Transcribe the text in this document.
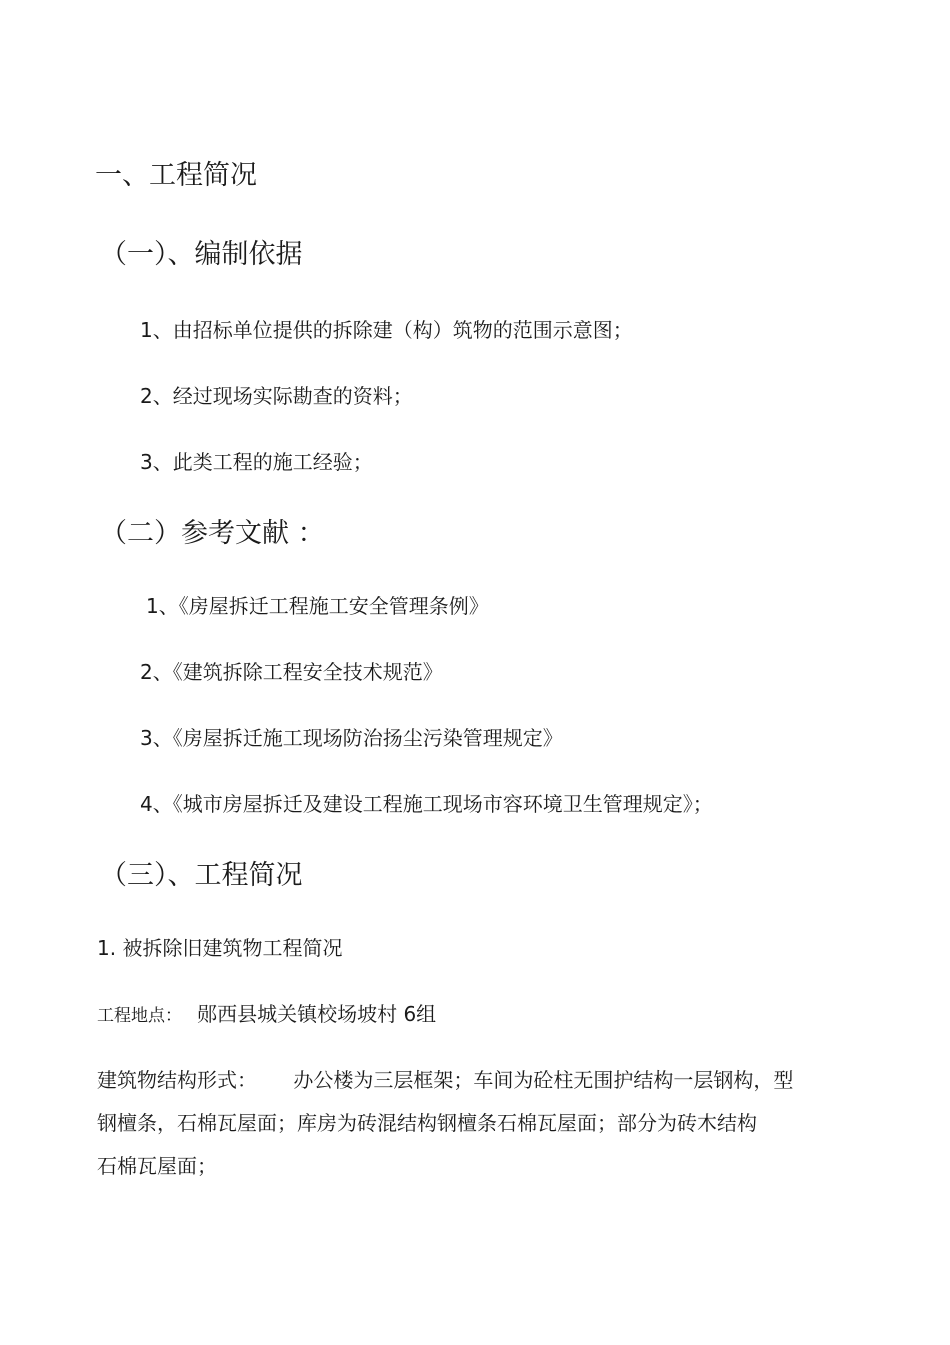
一、工程简况
（一）、编制依据
1、由招标单位提供的拆除建（构）筑物的范围示意图；
2、经过现场实际勘查的资料；
3、此类工程的施工经验；
（二）参考文献 ：
1、《房屋拆迁工程施工安全管理条例》
2、《建筑拆除工程安全技术规范》
3、《房屋拆迁施工现场防治扬尘污染管理规定》
4、《城市房屋拆迁及建设工程施工现场市容环境卫生管理规定》；
（三）、工程简况
1. 被拆除旧建筑物工程简况
工程地点： 郧西县城关镇校场坡村 6组
建筑物结构形式： 办公楼为三层框架；车间为砼柱无围护结构一层钢构，型
钢檀条，石棉瓦屋面；库房为砖混结构钢檀条石棉瓦屋面；部分为砖木结构
石棉瓦屋面；
